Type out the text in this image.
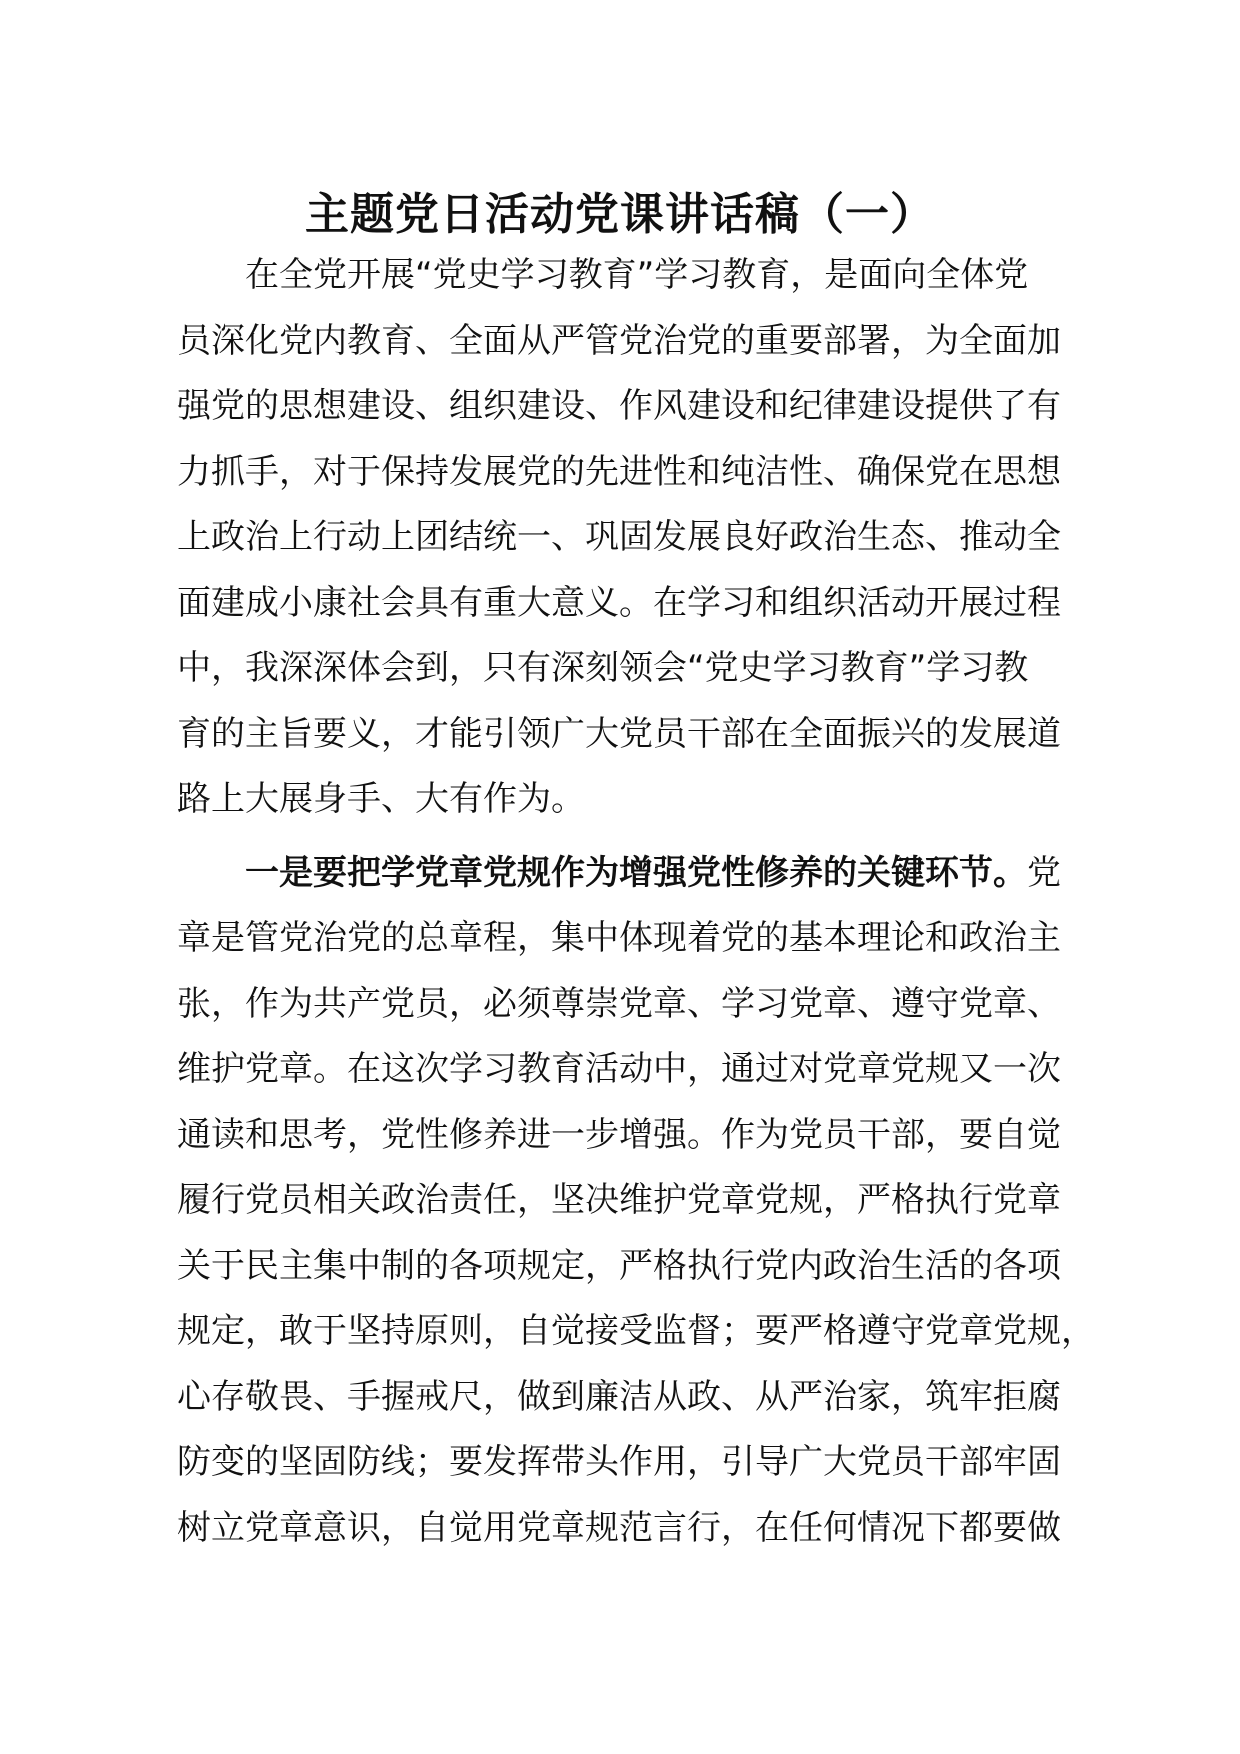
主题党日活动党课讲话稿（一）
在全党开展“党史学习教育”学习教育，是面向全体党
员深化党内教育、全面从严管党治党的重要部署，为全面加
强党的思想建设、组织建设、作风建设和纪律建设提供了有
力抓手，对于保持发展党的先进性和纯洁性、确保党在思想
上政治上行动上团结统一、巩固发展良好政治生态、推动全
面建成小康社会具有重大意义。在学习和组织活动开展过程
中，我深深体会到，只有深刻领会“党史学习教育”学习教
育的主旨要义，才能引领广大党员干部在全面振兴的发展道
路上大展身手、大有作为。
一是要把学党章党规作为增强党性修养的关键环节。党
章是管党治党的总章程，集中体现着党的基本理论和政治主
张，作为共产党员，必须尊崇党章、学习党章、遵守党章、
维护党章。在这次学习教育活动中，通过对党章党规又一次
通读和思考，党性修养进一步增强。作为党员干部，要自觉
履行党员相关政治责任，坚决维护党章党规，严格执行党章
关于民主集中制的各项规定，严格执行党内政治生活的各项
规定，敢于坚持原则，自觉接受监督；要严格遵守党章党规，
心存敬畏、手握戒尺，做到廉洁从政、从严治家，筑牢拒腐
防变的坚固防线；要发挥带头作用，引导广大党员干部牢固
树立党章意识，自觉用党章规范言行，在任何情况下都要做
